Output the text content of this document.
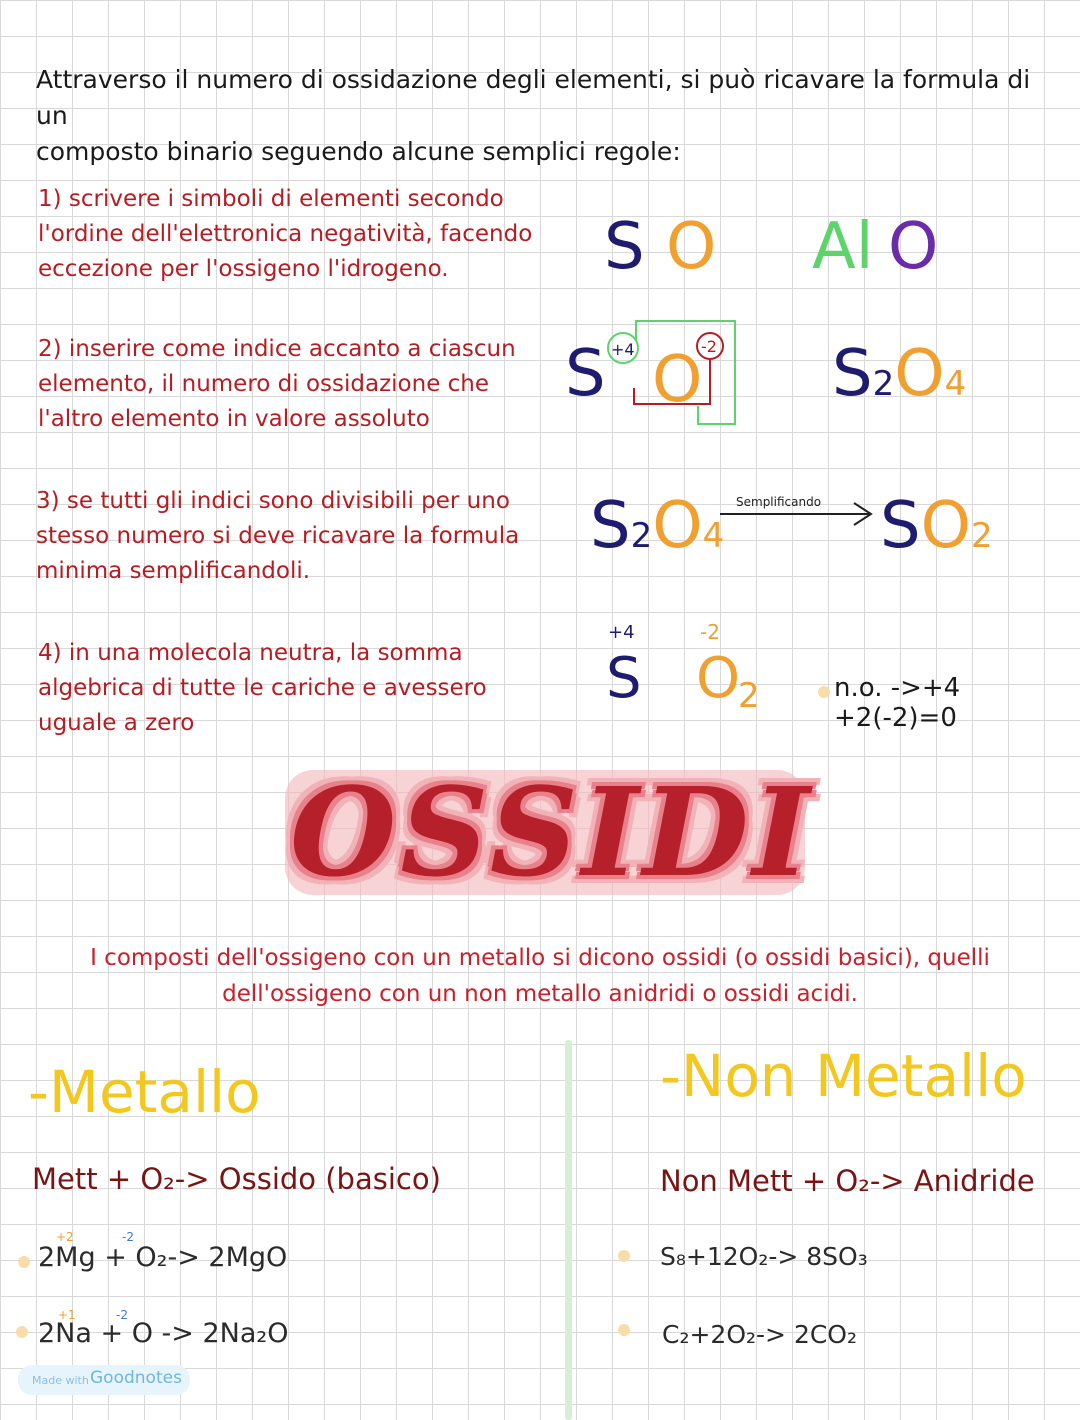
Attraverso il numero di ossidazione degli elementi, si può ricavare la formula di un
composto binario seguendo alcune semplici regole:
1) scrivere i simboli di elementi secondo
l'ordine dell'elettronica negatività, facendo
eccezione per l'ossigeno l'idrogeno.
2) inserire come indice accanto a ciascun
elemento, il numero di ossidazione che
l'altro elemento in valore assoluto
3) se tutti gli indici sono divisibili per uno
stesso numero si deve ricavare la formula
minima semplificandoli.
4) in una molecola neutra, la somma
algebrica di tutte le cariche e avessero
uguale a zero
S O Al O
S +4 O
-2 S2O4
S2O4
Semplificando SO2
+4
S
-2
O
2	n.o. ->+4 +2(-2)=0
OSSIDI
I composti dell'ossigeno con un metallo si dicono ossidi (o ossidi basici), quelli
dell'ossigeno con un non metallo anidridi o ossidi acidi.
-Metallo
Mett + O₂-> Ossido (basico)
+2	-2
2Mg + O₂-> 2MgO
+1	-2
2Na + O -> 2Na₂O
-Non Metallo
Non Mett + O₂-> Anidride
S₈+12O₂-> 8SO₃
C₂+2O₂-> 2CO₂
Made with Goodnotes
